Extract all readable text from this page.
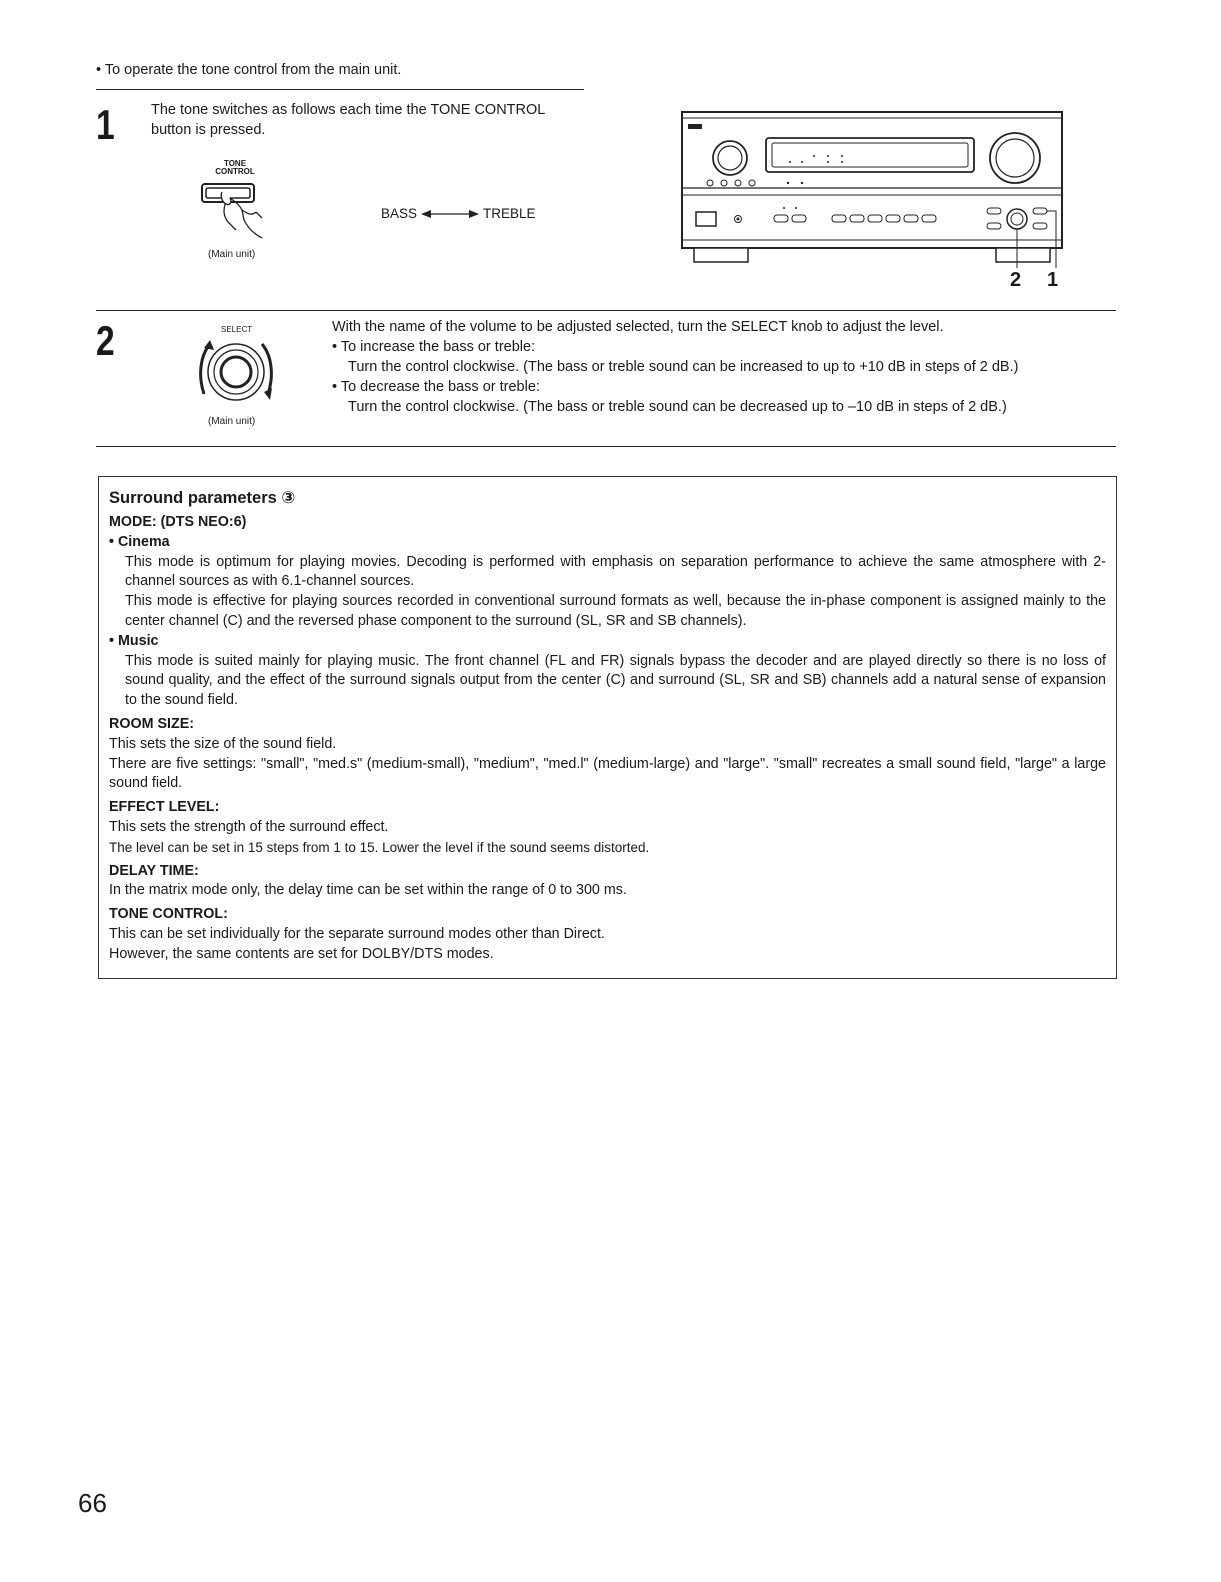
• To operate the tone control from the main unit.
1	The tone switches as follows each time the TONE CONTROL
button is pressed.
TONE
CONTROL
(Main unit)
BASS	TREBLE
2 1
2	SELECT
(Main unit)
With the name of the volume to be adjusted selected, turn the SELECT knob to adjust the level.
• To increase the bass or treble:
Turn the control clockwise. (The bass or treble sound can be increased to up to +10 dB in steps of 2 dB.)
• To decrease the bass or treble:
Turn the control clockwise. (The bass or treble sound can be decreased up to –10 dB in steps of 2 dB.)
Surround parameters ③
MODE: (DTS NEO:6)
• Cinema

This mode is optimum for playing movies. Decoding is performed with emphasis on separation performance to achieve the same atmosphere with 2-channel sources as with 6.1-channel sources.

This mode is effective for playing sources recorded in conventional surround formats as well, because the in-phase component is assigned mainly to the center channel (C) and the reversed phase component to the surround (SL, SR and SB channels).

• Music

This mode is suited mainly for playing music. The front channel (FL and FR) signals bypass the decoder and are played directly so there is no loss of sound quality, and the effect of the surround signals output from the center (C) and surround (SL, SR and SB) channels add a natural sense of expansion to the sound field.

ROOM SIZE:

This sets the size of the sound field.

There are five settings: "small", "med.s" (medium-small), "medium", "med.l" (medium-large) and "large". "small" recreates a small sound field, "large" a large sound field.

EFFECT LEVEL:

This sets the strength of the surround effect.

The level can be set in 15 steps from 1 to 15. Lower the level if the sound seems distorted.

DELAY TIME:

In the matrix mode only, the delay time can be set within the range of 0 to 300 ms.

TONE CONTROL:

This can be set individually for the separate surround modes other than Direct.

However, the same contents are set for DOLBY/DTS modes.

66
